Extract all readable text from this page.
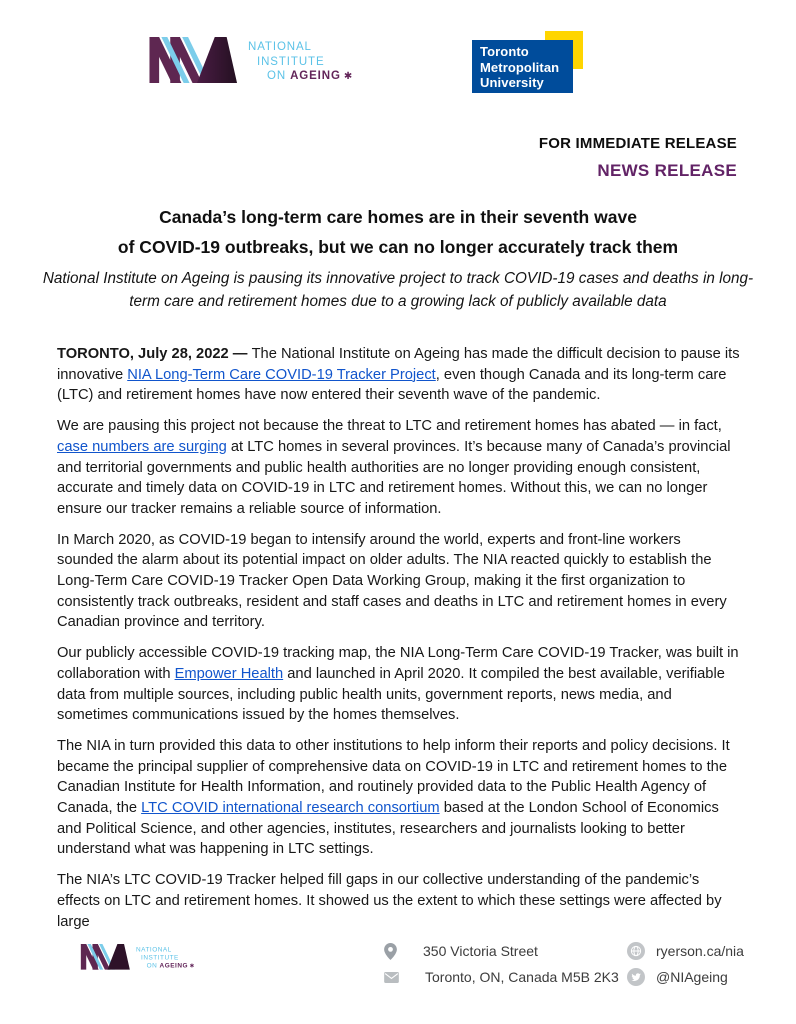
NATIONAL
INSTITUTE
ON AGEING ✱
Toronto
Metropolitan
University
FOR IMMEDIATE RELEASE
NEWS RELEASE
Canada’s long-term care homes are in their seventh wave
of COVID-19 outbreaks, but we can no longer accurately track them
National Institute on Ageing is pausing its innovative project to track COVID-19 cases and deaths in long-term care and retirement homes due to a growing lack of publicly available data

TORONTO, July 28, 2022 — The National Institute on Ageing has made the difficult decision to pause its innovative NIA Long-Term Care COVID-19 Tracker Project, even though Canada and its long-term care (LTC) and retirement homes have now entered their seventh wave of the pandemic.

We are pausing this project not because the threat to LTC and retirement homes has abated — in fact, case numbers are surging at LTC homes in several provinces. It’s because many of Canada’s provincial and territorial governments and public health authorities are no longer providing enough consistent, accurate and timely data on COVID-19 in LTC and retirement homes. Without this, we can no longer ensure our tracker remains a reliable source of information.

In March 2020, as COVID-19 began to intensify around the world, experts and front-line workers sounded the alarm about its potential impact on older adults. The NIA reacted quickly to establish the Long-Term Care COVID-19 Tracker Open Data Working Group, making it the first organization to consistently track outbreaks, resident and staff cases and deaths in LTC and retirement homes in every Canadian province and territory.

Our publicly accessible COVID-19 tracking map, the NIA Long-Term Care COVID-19 Tracker, was built in collaboration with Empower Health and launched in April 2020. It compiled the best available, verifiable data from multiple sources, including public health units, government reports, news media, and sometimes communications issued by the homes themselves.

The NIA in turn provided this data to other institutions to help inform their reports and policy decisions. It became the principal supplier of comprehensive data on COVID-19 in LTC and retirement homes to the Canadian Institute for Health Information, and routinely provided data to the Public Health Agency of Canada, the LTC COVID international research consortium based at the London School of Economics and Political Science, and other agencies, institutes, researchers and journalists looking to better understand what was happening in LTC settings.

The NIA’s LTC COVID-19 Tracker helped fill gaps in our collective understanding of the pandemic’s effects on LTC and retirement homes. It showed us the extent to which these settings were affected by large

NATIONAL
INSTITUTE
ON AGEING ✱
350 Victoria Street
Toronto, ON, Canada M5B 2K3
ryerson.ca/nia
@NIAgeing
